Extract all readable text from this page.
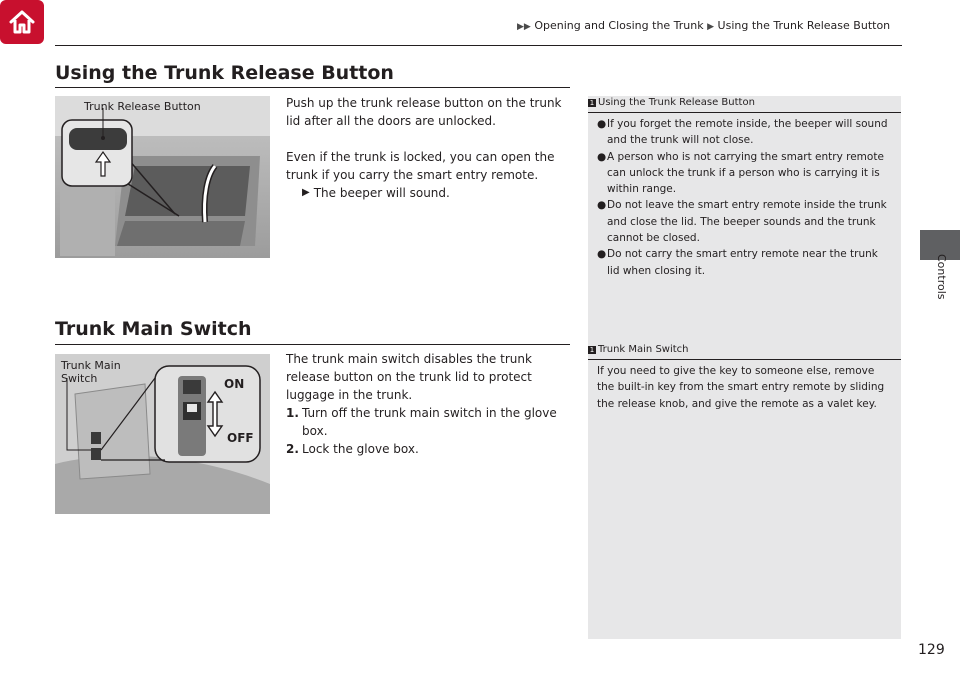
▶▶ Opening and Closing the Trunk ▶ Using the Trunk Release Button
Controls
Using the Trunk Release Button
Trunk Release Button	Push up the trunk release button on the trunk lid after all the doors are unlocked.

Even if the trunk is locked, you can open the trunk if you carry the smart entry remote.

▶ The beeper will sound.
Trunk Main Switch
Trunk Main
Switch	ON
OFF

The trunk main switch disables the trunk release button on the trunk lid to protect luggage in the trunk.

1. Turn off the trunk main switch in the glove box.
2. Lock the glove box.
1 Using the Trunk Release Button
● If you forget the remote inside, the beeper will sound and the trunk will not close.
● A person who is not carrying the smart entry remote can unlock the trunk if a person who is carrying it is within range.
● Do not leave the smart entry remote inside the trunk and close the lid. The beeper sounds and the trunk cannot be closed.
● Do not carry the smart entry remote near the trunk lid when closing it.
1 Trunk Main Switch

If you need to give the key to someone else, remove the built-in key from the smart entry remote by sliding the release knob, and give the remote as a valet key.

129
